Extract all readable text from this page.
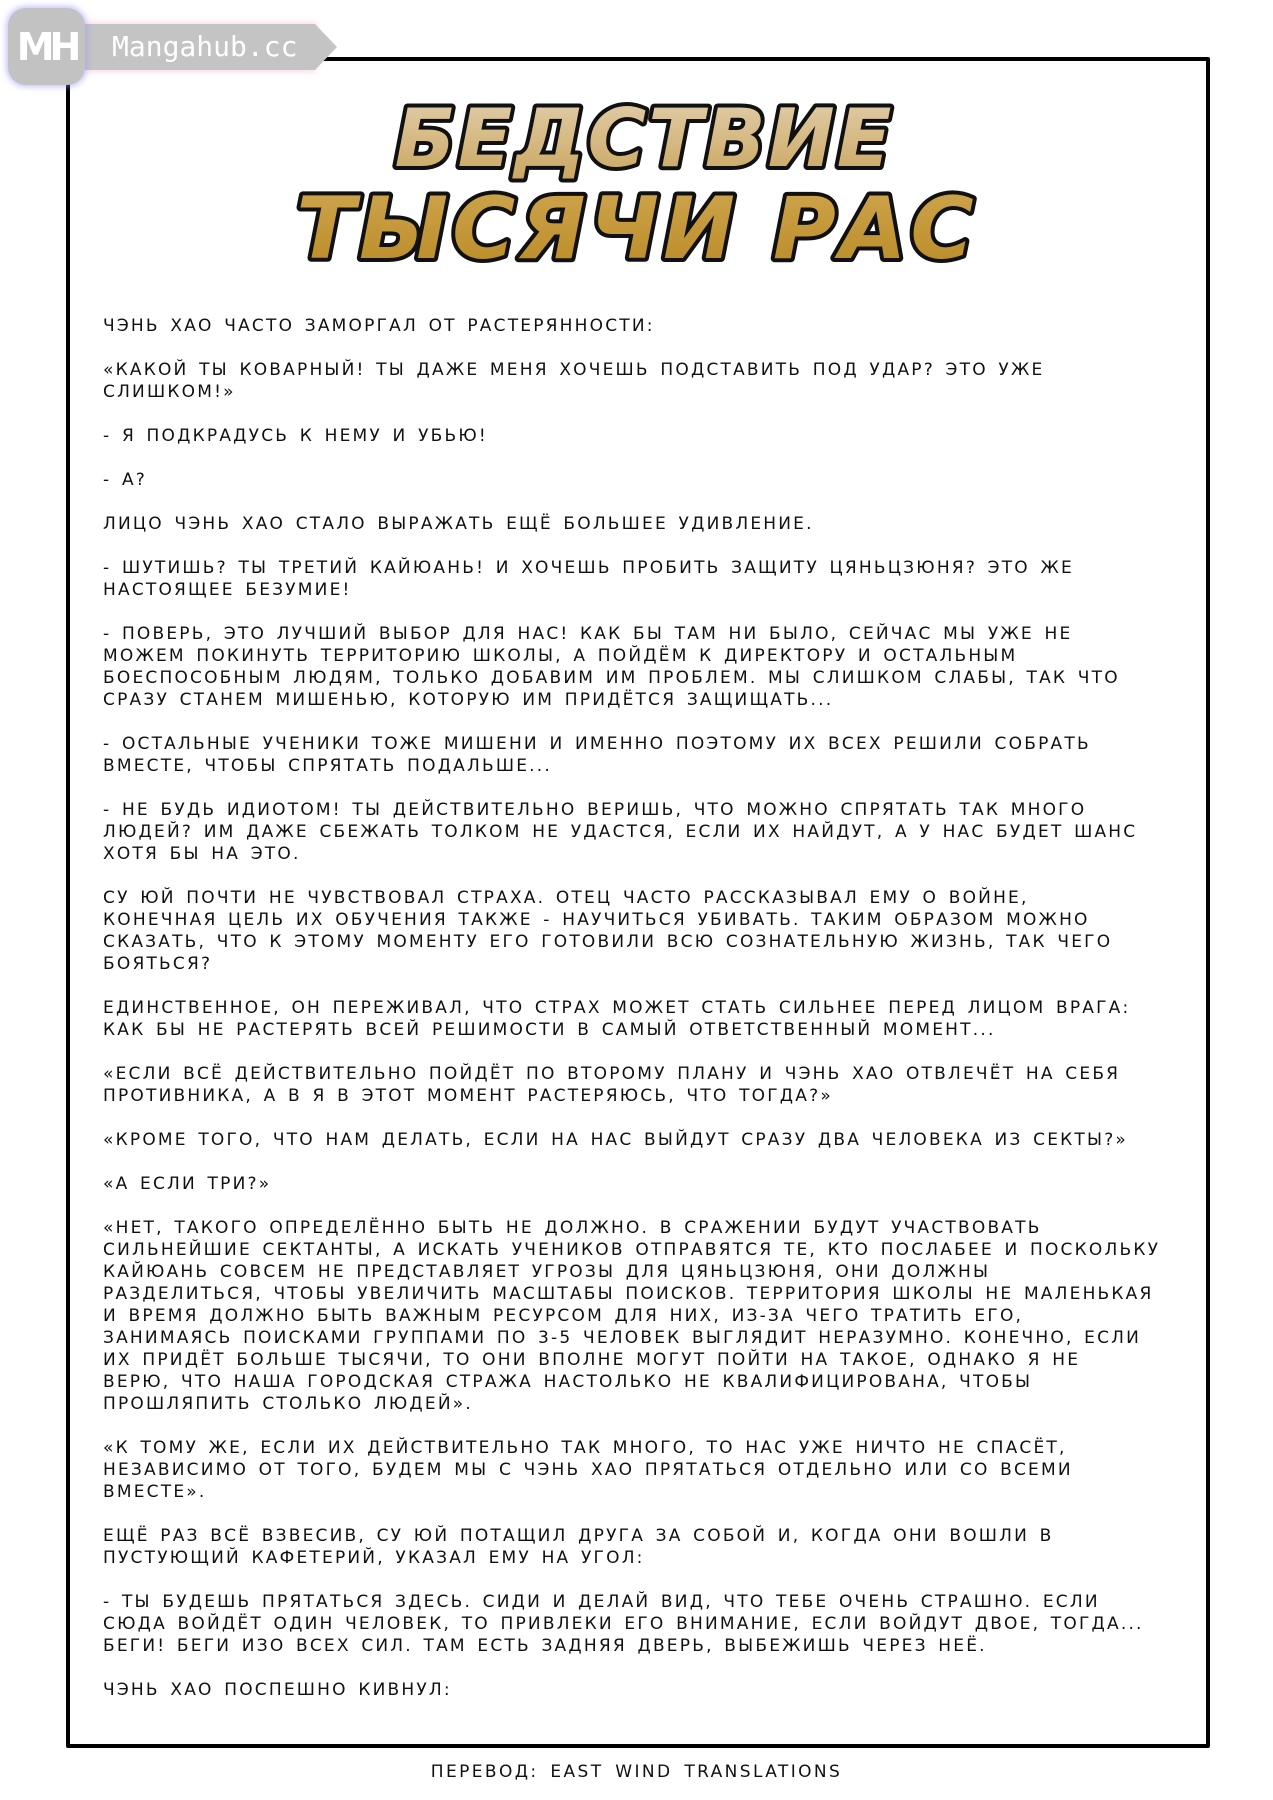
MH Mangahub.cc
БЕДСТВИЕ
ТЫСЯЧИ РАС
ЧЭНЬ ХАО ЧАСТО ЗАМОРГАЛ ОТ РАСТЕРЯННОСТИ:
«КАКОЙ ТЫ КОВАРНЫЙ! ТЫ ДАЖЕ МЕНЯ ХОЧЕШЬ ПОДСТАВИТЬ ПОД УДАР? ЭТО УЖЕ
СЛИШКОМ!»
- Я ПОДКРАДУСЬ К НЕМУ И УБЬЮ!
- А?
ЛИЦО ЧЭНЬ ХАО СТАЛО ВЫРАЖАТЬ ЕЩЁ БОЛЬШЕЕ УДИВЛЕНИЕ.
- ШУТИШЬ? ТЫ ТРЕТИЙ КАЙЮАНЬ! И ХОЧЕШЬ ПРОБИТЬ ЗАЩИТУ ЦЯНЬЦЗЮНЯ? ЭТО ЖЕ
НАСТОЯЩЕЕ БЕЗУМИЕ!
- ПОВЕРЬ, ЭТО ЛУЧШИЙ ВЫБОР ДЛЯ НАС! КАК БЫ ТАМ НИ БЫЛО, СЕЙЧАС МЫ УЖЕ НЕ
МОЖЕМ ПОКИНУТЬ ТЕРРИТОРИЮ ШКОЛЫ, А ПОЙДЁМ К ДИРЕКТОРУ И ОСТАЛЬНЫМ
БОЕСПОСОБНЫМ ЛЮДЯМ, ТОЛЬКО ДОБАВИМ ИМ ПРОБЛЕМ. МЫ СЛИШКОМ СЛАБЫ, ТАК ЧТО
СРАЗУ СТАНЕМ МИШЕНЬЮ, КОТОРУЮ ИМ ПРИДЁТСЯ ЗАЩИЩАТЬ...
- ОСТАЛЬНЫЕ УЧЕНИКИ ТОЖЕ МИШЕНИ И ИМЕННО ПОЭТОМУ ИХ ВСЕХ РЕШИЛИ СОБРАТЬ
ВМЕСТЕ, ЧТОБЫ СПРЯТАТЬ ПОДАЛЬШЕ...
- НЕ БУДЬ ИДИОТОМ! ТЫ ДЕЙСТВИТЕЛЬНО ВЕРИШЬ, ЧТО МОЖНО СПРЯТАТЬ ТАК МНОГО
ЛЮДЕЙ? ИМ ДАЖЕ СБЕЖАТЬ ТОЛКОМ НЕ УДАСТСЯ, ЕСЛИ ИХ НАЙДУТ, А У НАС БУДЕТ ШАНС
ХОТЯ БЫ НА ЭТО.
СУ ЮЙ ПОЧТИ НЕ ЧУВСТВОВАЛ СТРАХА. ОТЕЦ ЧАСТО РАССКАЗЫВАЛ ЕМУ О ВОЙНЕ,
КОНЕЧНАЯ ЦЕЛЬ ИХ ОБУЧЕНИЯ ТАКЖЕ - НАУЧИТЬСЯ УБИВАТЬ. ТАКИМ ОБРАЗОМ МОЖНО
СКАЗАТЬ, ЧТО К ЭТОМУ МОМЕНТУ ЕГО ГОТОВИЛИ ВСЮ СОЗНАТЕЛЬНУЮ ЖИЗНЬ, ТАК ЧЕГО
БОЯТЬСЯ?
ЕДИНСТВЕННОЕ, ОН ПЕРЕЖИВАЛ, ЧТО СТРАХ МОЖЕТ СТАТЬ СИЛЬНЕЕ ПЕРЕД ЛИЦОМ ВРАГА:
КАК БЫ НЕ РАСТЕРЯТЬ ВСЕЙ РЕШИМОСТИ В САМЫЙ ОТВЕТСТВЕННЫЙ МОМЕНТ...
«ЕСЛИ ВСЁ ДЕЙСТВИТЕЛЬНО ПОЙДЁТ ПО ВТОРОМУ ПЛАНУ И ЧЭНЬ ХАО ОТВЛЕЧЁТ НА СЕБЯ
ПРОТИВНИКА, А В Я В ЭТОТ МОМЕНТ РАСТЕРЯЮСЬ, ЧТО ТОГДА?»
«КРОМЕ ТОГО, ЧТО НАМ ДЕЛАТЬ, ЕСЛИ НА НАС ВЫЙДУТ СРАЗУ ДВА ЧЕЛОВЕКА ИЗ СЕКТЫ?»
«А ЕСЛИ ТРИ?»
«НЕТ, ТАКОГО ОПРЕДЕЛЁННО БЫТЬ НЕ ДОЛЖНО. В СРАЖЕНИИ БУДУТ УЧАСТВОВАТЬ
СИЛЬНЕЙШИЕ СЕКТАНТЫ, А ИСКАТЬ УЧЕНИКОВ ОТПРАВЯТСЯ ТЕ, КТО ПОСЛАБЕЕ И ПОСКОЛЬКУ
КАЙЮАНЬ СОВСЕМ НЕ ПРЕДСТАВЛЯЕТ УГРОЗЫ ДЛЯ ЦЯНЬЦЗЮНЯ, ОНИ ДОЛЖНЫ
РАЗДЕЛИТЬСЯ, ЧТОБЫ УВЕЛИЧИТЬ МАСШТАБЫ ПОИСКОВ. ТЕРРИТОРИЯ ШКОЛЫ НЕ МАЛЕНЬКАЯ
И ВРЕМЯ ДОЛЖНО БЫТЬ ВАЖНЫМ РЕСУРСОМ ДЛЯ НИХ, ИЗ-ЗА ЧЕГО ТРАТИТЬ ЕГО,
ЗАНИМАЯСЬ ПОИСКАМИ ГРУППАМИ ПО 3-5 ЧЕЛОВЕК ВЫГЛЯДИТ НЕРАЗУМНО. КОНЕЧНО, ЕСЛИ
ИХ ПРИДЁТ БОЛЬШЕ ТЫСЯЧИ, ТО ОНИ ВПОЛНЕ МОГУТ ПОЙТИ НА ТАКОЕ, ОДНАКО Я НЕ
ВЕРЮ, ЧТО НАША ГОРОДСКАЯ СТРАЖА НАСТОЛЬКО НЕ КВАЛИФИЦИРОВАНА, ЧТОБЫ
ПРОШЛЯПИТЬ СТОЛЬКО ЛЮДЕЙ».
«К ТОМУ ЖЕ, ЕСЛИ ИХ ДЕЙСТВИТЕЛЬНО ТАК МНОГО, ТО НАС УЖЕ НИЧТО НЕ СПАСЁТ,
НЕЗАВИСИМО ОТ ТОГО, БУДЕМ МЫ С ЧЭНЬ ХАО ПРЯТАТЬСЯ ОТДЕЛЬНО ИЛИ СО ВСЕМИ
ВМЕСТЕ».
ЕЩЁ РАЗ ВСЁ ВЗВЕСИВ, СУ ЮЙ ПОТАЩИЛ ДРУГА ЗА СОБОЙ И, КОГДА ОНИ ВОШЛИ В
ПУСТУЮЩИЙ КАФЕТЕРИЙ, УКАЗАЛ ЕМУ НА УГОЛ:
- ТЫ БУДЕШЬ ПРЯТАТЬСЯ ЗДЕСЬ. СИДИ И ДЕЛАЙ ВИД, ЧТО ТЕБЕ ОЧЕНЬ СТРАШНО. ЕСЛИ
СЮДА ВОЙДЁТ ОДИН ЧЕЛОВЕК, ТО ПРИВЛЕКИ ЕГО ВНИМАНИЕ, ЕСЛИ ВОЙДУТ ДВОЕ, ТОГДА...
БЕГИ! БЕГИ ИЗО ВСЕХ СИЛ. ТАМ ЕСТЬ ЗАДНЯЯ ДВЕРЬ, ВЫБЕЖИШЬ ЧЕРЕЗ НЕЁ.
ЧЭНЬ ХАО ПОСПЕШНО КИВНУЛ:
ПЕРЕВОД: EAST WIND TRANSLATIONS
